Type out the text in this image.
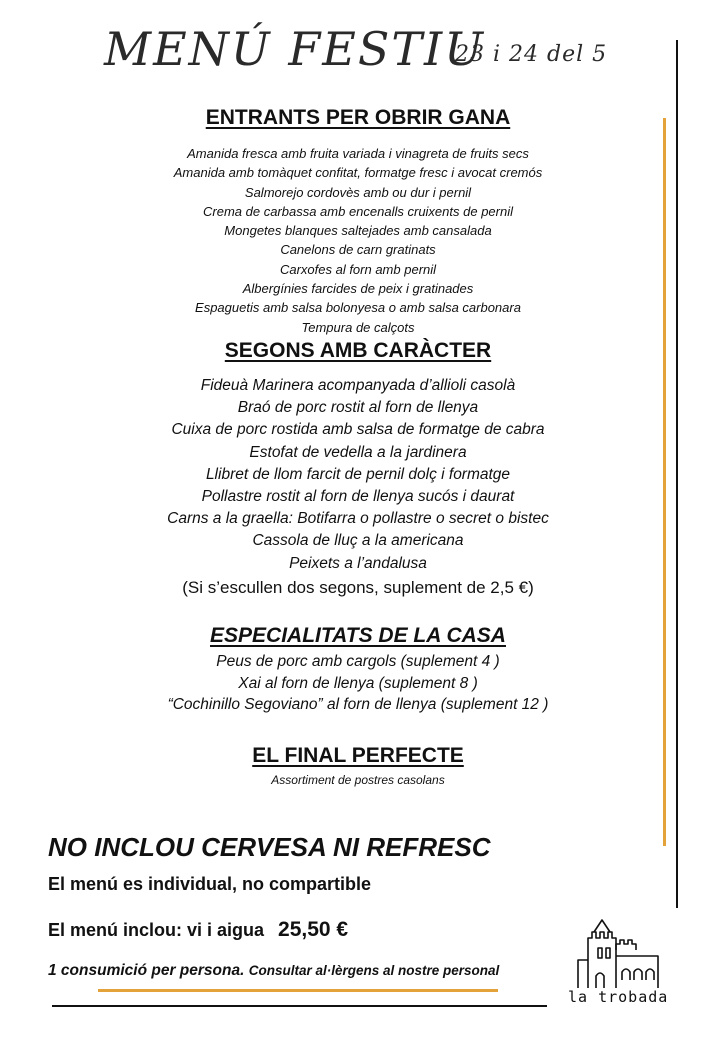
MENÚ FESTIU
23 i 24 del 5
ENTRANTS PER OBRIR GANA
Amanida fresca amb fruita variada i vinagreta de fruits secs
Amanida amb tomàquet confitat, formatge fresc i avocat cremós
Salmorejo cordovès amb ou dur i pernil
Crema de carbassa amb encenalls cruixents de pernil
Mongetes blanques saltejades amb cansalada
Canelons de carn gratinats
Carxofes al forn amb pernil
Albergínies farcides de peix i gratinades
Espaguetis amb salsa bolonyesa o amb salsa carbonara
Tempura de calçots
SEGONS AMB CARÀCTER
Fideuà Marinera acompanyada d’allioli casolà
Braó de porc rostit al forn de llenya
Cuixa de porc rostida amb salsa de formatge de cabra
Estofat de vedella a la jardinera
Llibret de llom farcit de pernil dolç i formatge
Pollastre rostit al forn de llenya sucós i daurat
Carns a la graella: Botifarra o pollastre o secret o bistec
Cassola de lluç a la americana
Peixets a l’andalusa
(Si s’escullen dos segons, suplement de 2,5 €)
ESPECIALITATS DE LA CASA
Peus de porc amb cargols (suplement 4 )
Xai al forn de llenya (suplement 8 )
“Cochinillo Segoviano” al forn de llenya (suplement 12 )
EL FINAL PERFECTE
Assortiment de postres casolans
NO INCLOU CERVESA NI REFRESC
El menú es individual, no compartible
El menú inclou: vi i aigua 25,50 €
1 consumició per persona. Consultar al·lèrgens al nostre personal
la trobada
